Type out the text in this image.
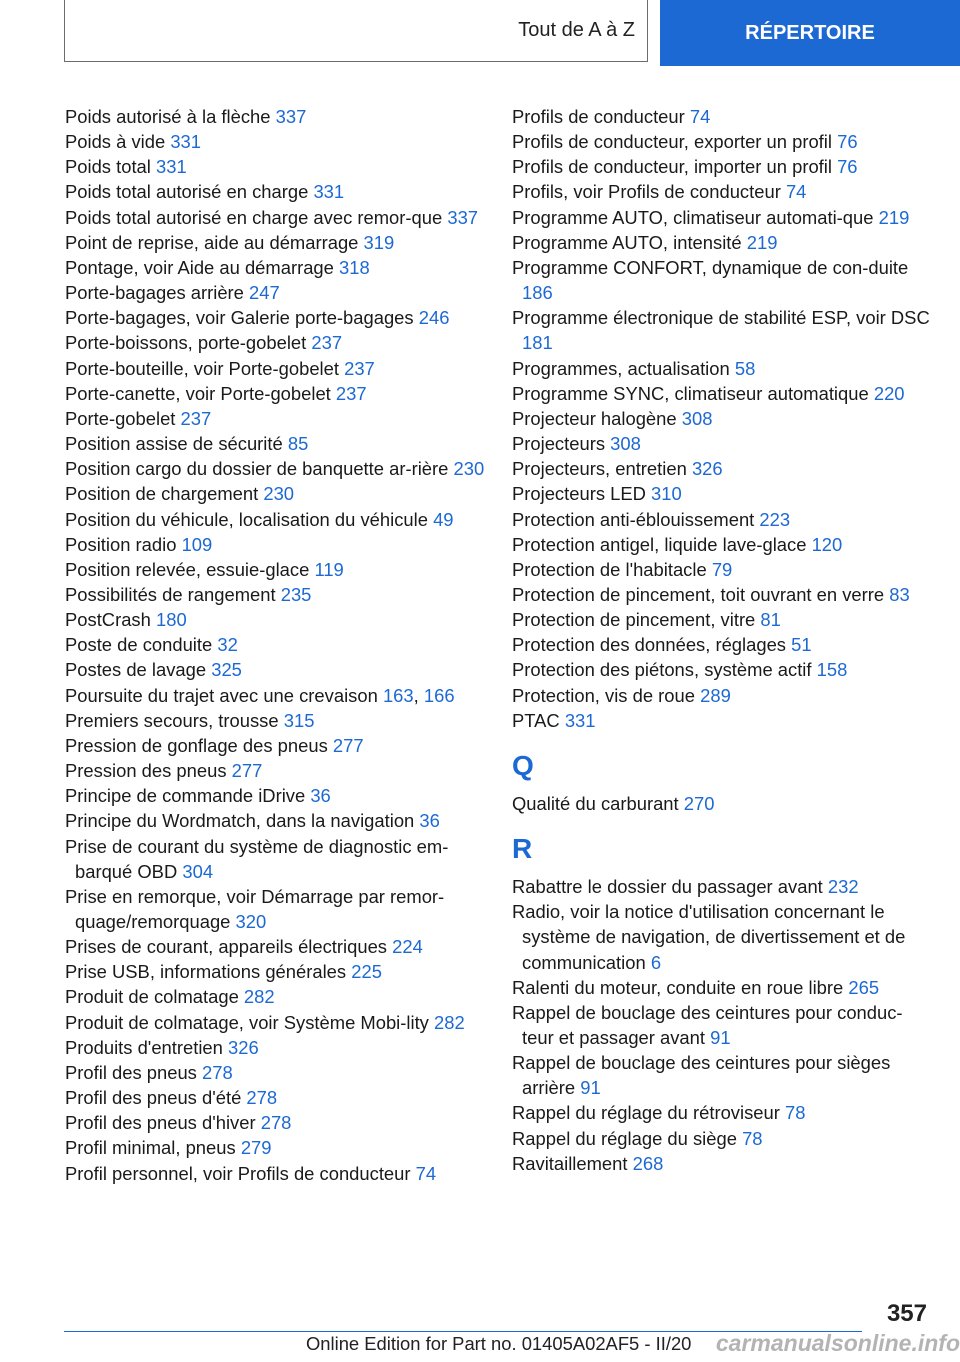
Tout de A à Z	RÉPERTOIRE
Poids autorisé à la flèche 337
Poids à vide 331
Poids total 331
Poids total autorisé en charge 331
Poids total autorisé en charge avec remor‐que 337
Point de reprise, aide au démarrage 319
Pontage, voir Aide au démarrage 318
Porte-bagages arrière 247
Porte-bagages, voir Galerie porte-bagages 246
Porte-boissons, porte-gobelet 237
Porte-bouteille, voir Porte-gobelet 237
Porte-canette, voir Porte-gobelet 237
Porte-gobelet 237
Position assise de sécurité 85
Position cargo du dossier de banquette ar‐rière 230
Position de chargement 230
Position du véhicule, localisation du véhicule 49
Position radio 109
Position relevée, essuie-glace 119
Possibilités de rangement 235
PostCrash 180
Poste de conduite 32
Postes de lavage 325
Poursuite du trajet avec une crevaison 163, 166
Premiers secours, trousse 315
Pression de gonflage des pneus 277
Pression des pneus 277
Principe de commande iDrive 36
Principe du Wordmatch, dans la navigation 36
Prise de courant du système de diagnostic em‐barqué OBD 304
Prise en remorque, voir Démarrage par remor‐quage/remorquage 320
Prises de courant, appareils électriques 224
Prise USB, informations générales 225
Produit de colmatage 282
Produit de colmatage, voir Système Mobi‐lity 282
Produits d'entretien 326
Profil des pneus 278
Profil des pneus d'été 278
Profil des pneus d'hiver 278
Profil minimal, pneus 279
Profil personnel, voir Profils de conducteur 74
Profils de conducteur 74
Profils de conducteur, exporter un profil 76
Profils de conducteur, importer un profil 76
Profils, voir Profils de conducteur 74
Programme AUTO, climatiseur automati‐que 219
Programme AUTO, intensité 219
Programme CONFORT, dynamique de con‐duite 186
Programme électronique de stabilité ESP, voir DSC 181
Programmes, actualisation 58
Programme SYNC, climatiseur automatique 220
Projecteur halogène 308
Projecteurs 308
Projecteurs, entretien 326
Projecteurs LED 310
Protection anti-éblouissement 223
Protection antigel, liquide lave-glace 120
Protection de l'habitacle 79
Protection de pincement, toit ouvrant en verre 83
Protection de pincement, vitre 81
Protection des données, réglages 51
Protection des piétons, système actif 158
Protection, vis de roue 289
PTAC 331
Q
Qualité du carburant 270
R
Rabattre le dossier du passager avant 232
Radio, voir la notice d'utilisation concernant le système de navigation, de divertissement et de communication 6
Ralenti du moteur, conduite en roue libre 265
Rappel de bouclage des ceintures pour conduc‐teur et passager avant 91
Rappel de bouclage des ceintures pour sièges arrière 91
Rappel du réglage du rétroviseur 78
Rappel du réglage du siège 78
Ravitaillement 268
357
Online Edition for Part no. 01405A02AF5 - II/20 carmanualsonline.info
